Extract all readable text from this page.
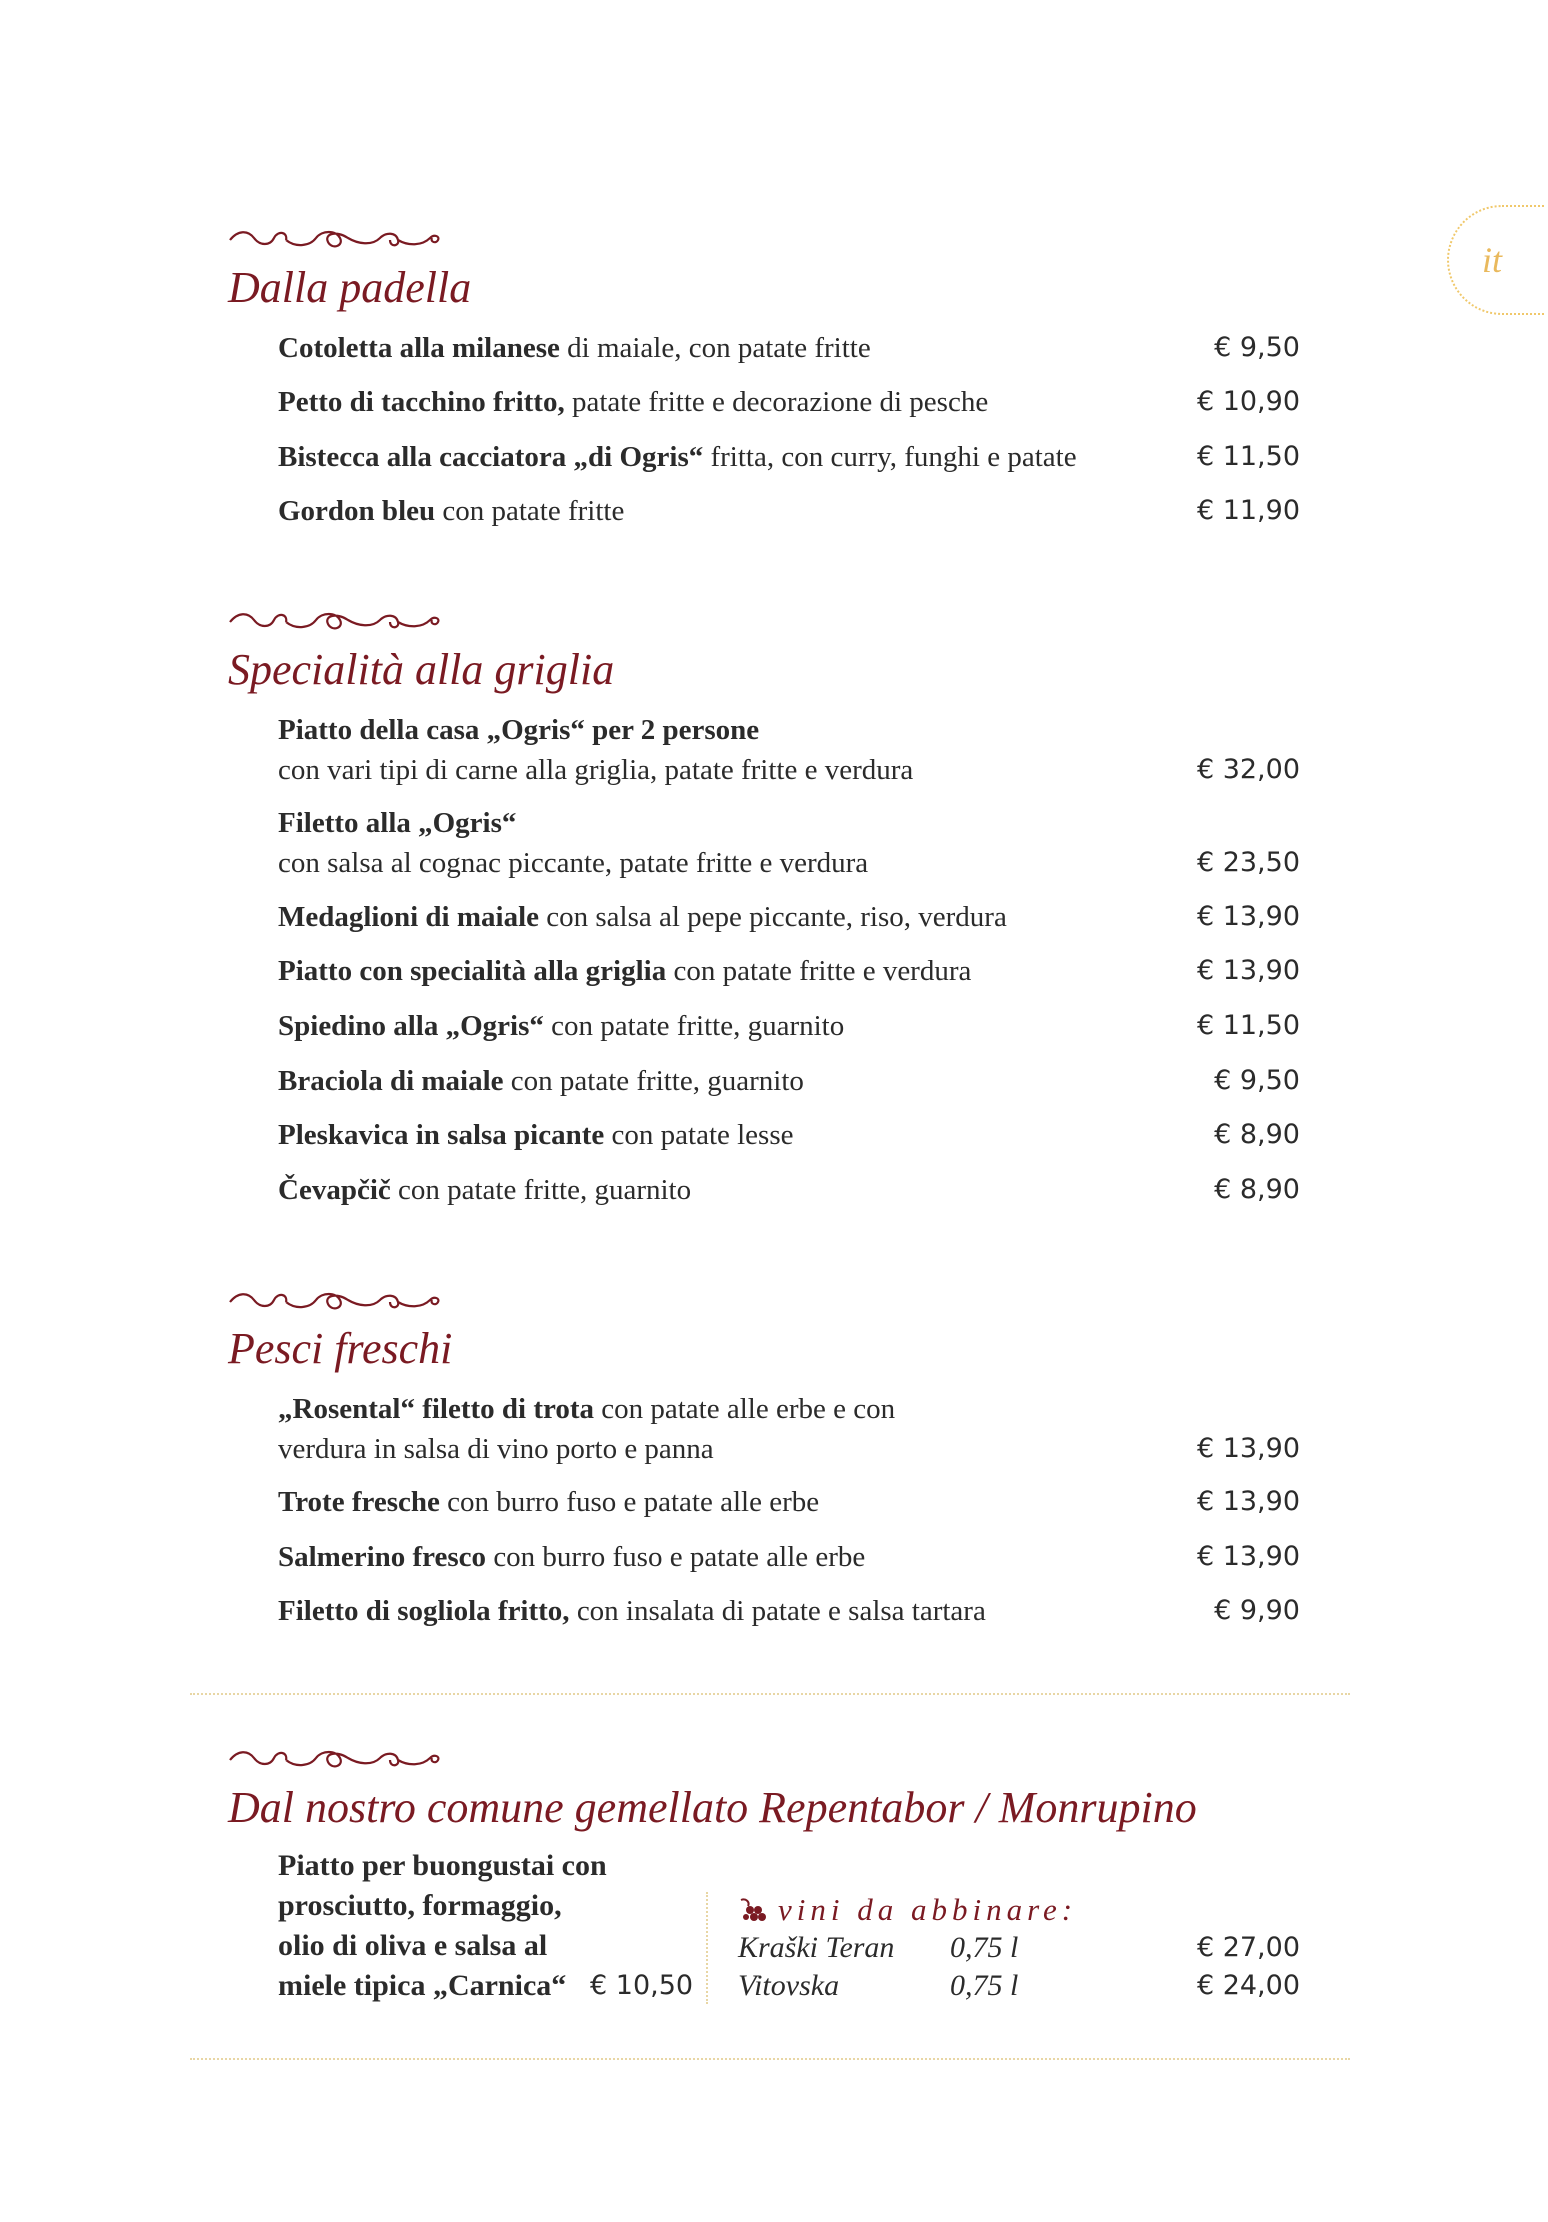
it
Dalla padella
Cotoletta alla milanese di maiale, con patate fritte	€ 9,50
Petto di tacchino fritto, patate fritte e decorazione di pesche	€ 10,90
Bistecca alla cacciatora „di Ogris“ fritta, con curry, funghi e patate	€ 11,50
Gordon bleu con patate fritte	€ 11,90
Specialità alla griglia
Piatto della casa „Ogris“ per 2 persone
con vari tipi di carne alla griglia, patate fritte e verdura	€ 32,00
Filetto alla „Ogris“
con salsa al cognac piccante, patate fritte e verdura	€ 23,50
Medaglioni di maiale con salsa al pepe piccante, riso, verdura	€ 13,90
Piatto con specialità alla griglia con patate fritte e verdura	€ 13,90
Spiedino alla „Ogris“ con patate fritte, guarnito	€ 11,50
Braciola di maiale con patate fritte, guarnito	€ 9,50
Pleskavica in salsa picante con patate lesse	€ 8,90
Čevapčič con patate fritte, guarnito	€ 8,90
Pesci freschi
„Rosental“ filetto di trota con patate alle erbe e con
verdura in salsa di vino porto e panna	€ 13,90
Trote fresche con burro fuso e patate alle erbe	€ 13,90
Salmerino fresco con burro fuso e patate alle erbe	€ 13,90
Filetto di sogliola fritto, con insalata di patate e salsa tartara	€ 9,90
Dal nostro comune gemellato Repentabor / Monrupino
Piatto per buongustai con
prosciutto, formaggio,
olio di oliva e salsa al
miele tipica „Carnica“ € 10,50
vini da abbinare:
Kraški Teran 0,75 l	€ 27,00
Vitovska	0,75 l	€ 24,00
